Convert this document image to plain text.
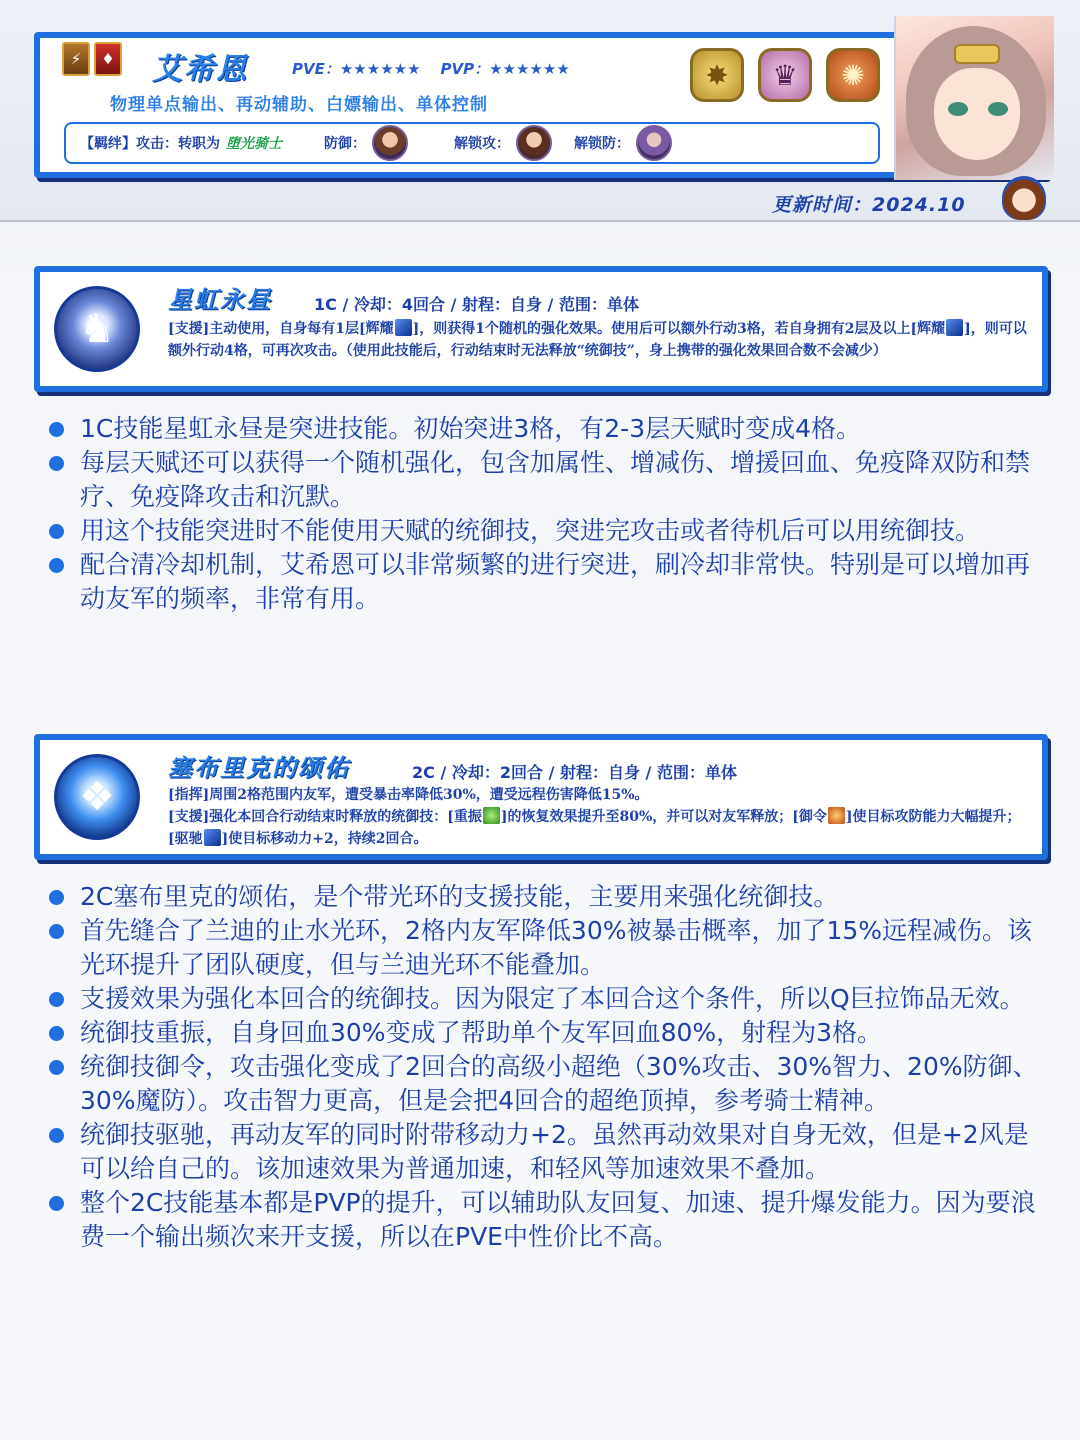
⚡	♦ 艾希恩	PVE：★★★★★★ PVP：★★★★★★
物理单点输出、再动辅助、白嫖输出、单体控制
【羁绊】攻击：转职为 堕光骑士	防御：	解锁攻：	解锁防：
✸	♛	✺
更新时间：2024.10
♞
星虹永昼	1C / 冷却：4回合 / 射程：自身 / 范围：单体
[支援]主动使用，自身每有1层[辉耀 ]，则获得1个随机的强化效果。使用后可以额外行动3格，若自身拥有2层及以上[辉耀 ]，则可以额外行动4格，可再次攻击。（使用此技能后，行动结束时无法释放“统御技”，身上携带的强化效果回合数不会减少）
1C技能星虹永昼是突进技能。初始突进3格，有2-3层天赋时变成4格。
每层天赋还可以获得一个随机强化，包含加属性、增减伤、增援回血、免疫降双防和禁疗、免疫降攻击和沉默。
用这个技能突进时不能使用天赋的统御技，突进完攻击或者待机后可以用统御技。
配合清冷却机制，艾希恩可以非常频繁的进行突进，刷冷却非常快。特别是可以增加再动友军的频率，非常有用。
❖
塞布里克的颂佑	2C / 冷却：2回合 / 射程：自身 / 范围：单体
[指挥]周围2格范围内友军，遭受暴击率降低30%，遭受远程伤害降低15%。
[支援]强化本回合行动结束时释放的统御技：[重振 ]的恢复效果提升至80%，并可以对友军释放；[御令 ]使目标攻防能力大幅提升；[驱驰 ]使目标移动力+2，持续2回合。
2C塞布里克的颂佑，是个带光环的支援技能，主要用来强化统御技。
首先缝合了兰迪的止水光环，2格内友军降低30%被暴击概率，加了15%远程减伤。该光环提升了团队硬度，但与兰迪光环不能叠加。
支援效果为强化本回合的统御技。因为限定了本回合这个条件，所以Q巨拉饰品无效。
统御技重振，自身回血30%变成了帮助单个友军回血80%，射程为3格。
统御技御令，攻击强化变成了2回合的高级小超绝（30%攻击、30%智力、20%防御、30%魔防）。攻击智力更高，但是会把4回合的超绝顶掉，参考骑士精神。
统御技驱驰，再动友军的同时附带移动力+2。虽然再动效果对自身无效，但是+2风是可以给自己的。该加速效果为普通加速，和轻风等加速效果不叠加。
整个2C技能基本都是PVP的提升，可以辅助队友回复、加速、提升爆发能力。因为要浪费一个输出频次来开支援，所以在PVE中性价比不高。
